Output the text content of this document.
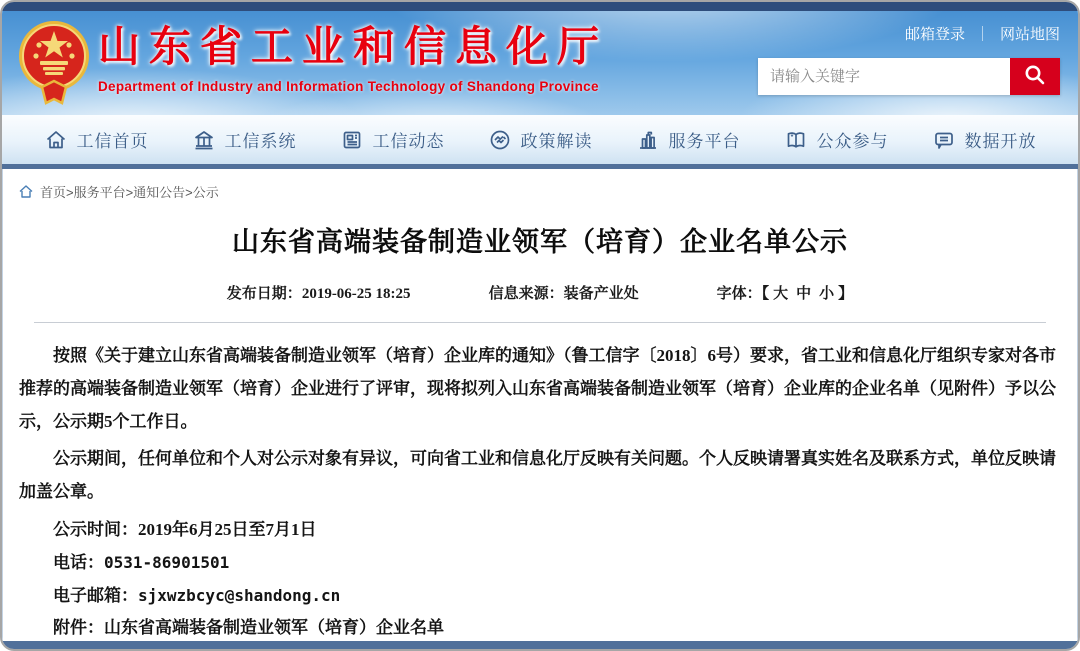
山东省工业和信息化厅
Department of Industry and Information Technology of Shandong Province
邮箱登录 ｜ 网站地图
请输入关键字
工信首页	工信系统	工信动态	政策解读	服务平台	公众参与	数据开放
首页>服务平台>通知公告>公示
山东省高端装备制造业领军（培育）企业名单公示
发布日期：2019-06-25 18:25	信息来源：装备产业处	字体：【 大 中 小 】

按照《关于建立山东省高端装备制造业领军（培育）企业库的通知》（鲁工信字〔2018〕6号）要求，省工业和信息化厅组织专家对各市推荐的高端装备制造业领军（培育）企业进行了评审，现将拟列入山东省高端装备制造业领军（培育）企业库的企业名单（见附件）予以公示，公示期5个工作日。

公示期间，任何单位和个人对公示对象有异议，可向省工业和信息化厅反映有关问题。个人反映请署真实姓名及联系方式，单位反映请加盖公章。

公示时间：2019年6月25日至7月1日
电话：0531-86901501
电子邮箱：sjxwzbcyc@shandong.cn
附件：山东省高端装备制造业领军（培育）企业名单
